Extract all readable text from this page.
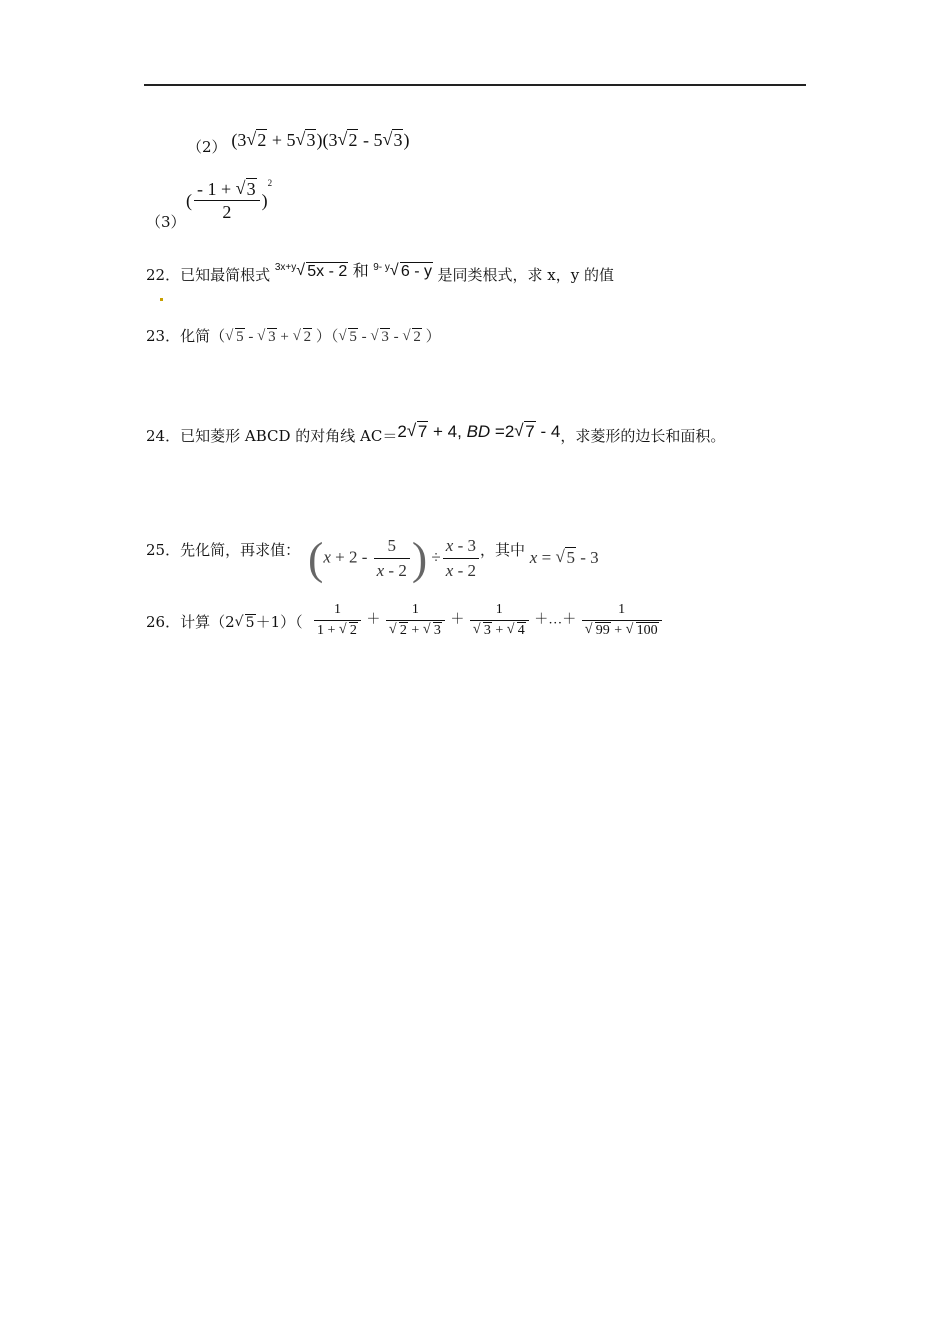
（2） (3 √ 2 + 5 √ 3)(3 √ 2 - 5 √ 3)
（3）
( $\frac{- 1 + √ 3}{2} )^2$
22．已知最简根式 $^{3x+y}$ √ 5x - 2 和 $^{9- y}$ √ 6 - y 是同类根式，求 x，y 的值
23．化简（ √ 5 - √ 3 + √ 2 ）（ √ 5 - √ 3 - √ 2 ）
24．已知菱形 ABCD 的对角线 AC＝2 √ 7 + 4, BD =2 √ 7 - 4，求菱形的边长和面积。
25．先化简，再求值： ($x + 2 - \frac{5}{x - 2}$ ) ÷ $\frac{x - 3}{x - 2}$ ，其中 x = √ 5 - 3
26．计算（2 √ $5+1)( \frac{1}{1 + √ 2} + \frac{1}{√ 2 + √ 3} + \frac{1}{√ 3 + √ 4}$ ＋…＋ $\frac{1}{√ 99 + √ 100}$
